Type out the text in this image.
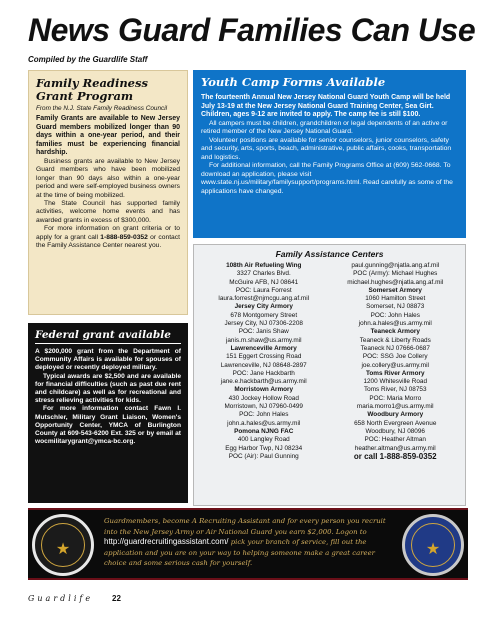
News Guard Families Can Use
Compiled by the Guardlife Staff
Family Readiness Grant Program
From the N.J. State Family Readiness Council

Family Grants are available to New Jersey Guard members mobilized longer than 90 days within a one-year period, and their families must be experiencing financial hardship.

Business grants are available to New Jersey Guard members who have been mobilized longer than 90 days also within a one-year period and were self-employed business owners at the time of being mobilized.

The State Council has supported family activities, welcome home events and has awarded grants in excess of $300,000.

For more information on grant criteria or to apply for a grant call 1-888-859-0352 or contact the Family Assistance Center nearest you.

Federal grant available

A $200,000 grant from the Department of Community Affairs is available for spouses of deployed or recently deployed military.

Typical awards are $2,500 and are available for financial difficulties (such as past due rent and childcare) as well as for recreational and stress relieving activities for kids.

For more information contact Fawn I. Mutschler, Military Grant Liaison, Women's Opportunity Center, YMCA of Burlington County at 609-543-6200 Ext. 325 or by email at wocmilitarygrant@ymca-bc.org.

Youth Camp Forms Available

The fourteenth Annual New Jersey National Guard Youth Camp will be held July 13-19 at the New Jersey National Guard Training Center, Sea Girt. Children, ages 9-12 are invited to apply. The camp fee is still $100.

All campers must be children, grandchildren or legal dependents of an active or retired member of the New Jersey National Guard.

Volunteer positions are available for senior counselors, junior counselors, safety and security, arts, sports, beach, administrative, public affairs, cooks, transportation and logistics.

For additional information, call the Family Programs Office at (609) 562-0668. To download an application, please visit www.state.nj.us/military/familysupport/programs.html. Read carefully as some of the applications have changed.

Family Assistance Centers
108th Air Refueling Wing
3327 Charles Blvd.
McGuire AFB, NJ 08641
POC: Laura Forrest
laura.forrest@njmcgu.ang.af.mil
Jersey City Armory
678 Montgomery Street
Jersey City, NJ 07306-2208
POC: Janis Shaw
janis.m.shaw@us.army.mil
Lawrenceville Armory
151 Eggert Crossing Road
Lawrenceville, NJ 08648-2897
POC: Jane Hackbarth
jane.e.hackbarth@us.army.mil
Morristown Armory
430 Jockey Hollow Road
Morristown, NJ 07960-0499
POC: John Hales
john.a.hales@us.army.mil
Pomona NJNG FAC
400 Langley Road
Egg Harbor Twp, NJ 08234
POC (Air): Paul Gunning
paul.gunning@njatla.ang.af.mil
POC (Army): Michael Hughes
michael.hughes@njatla.ang.af.mil
Somerset Armory
1060 Hamilton Street
Somerset, NJ 08873
POC: John Hales
john.a.hales@us.army.mil
Teaneck Armory
Teaneck & Liberty Roads
Teaneck NJ 07666-0687
POC: SSG Joe Collery
joe.collery@us.army.mil
Toms River Armory
1200 Whitesville Road
Toms River, NJ 08753
POC: Maria Morro
maria.morro1@us.army.mil
Woodbury Armory
658 North Evergreen Avenue
Woodbury, NJ 08096
POC: Heather Altman
heather.altman@us.army.mil
or call 1-888-859-0352
★
Guardmembers, become A Recruiting Assistant and for every person you recruit into the New Jersey Army or Air National Guard you earn $2,000. Logon to
http://guardrecruitingassistant.com/ pick your branch of service, fill out the application and you are on your way to helping someone make a great career choice and some serious cash for yourself.
★
Guardlife 22
